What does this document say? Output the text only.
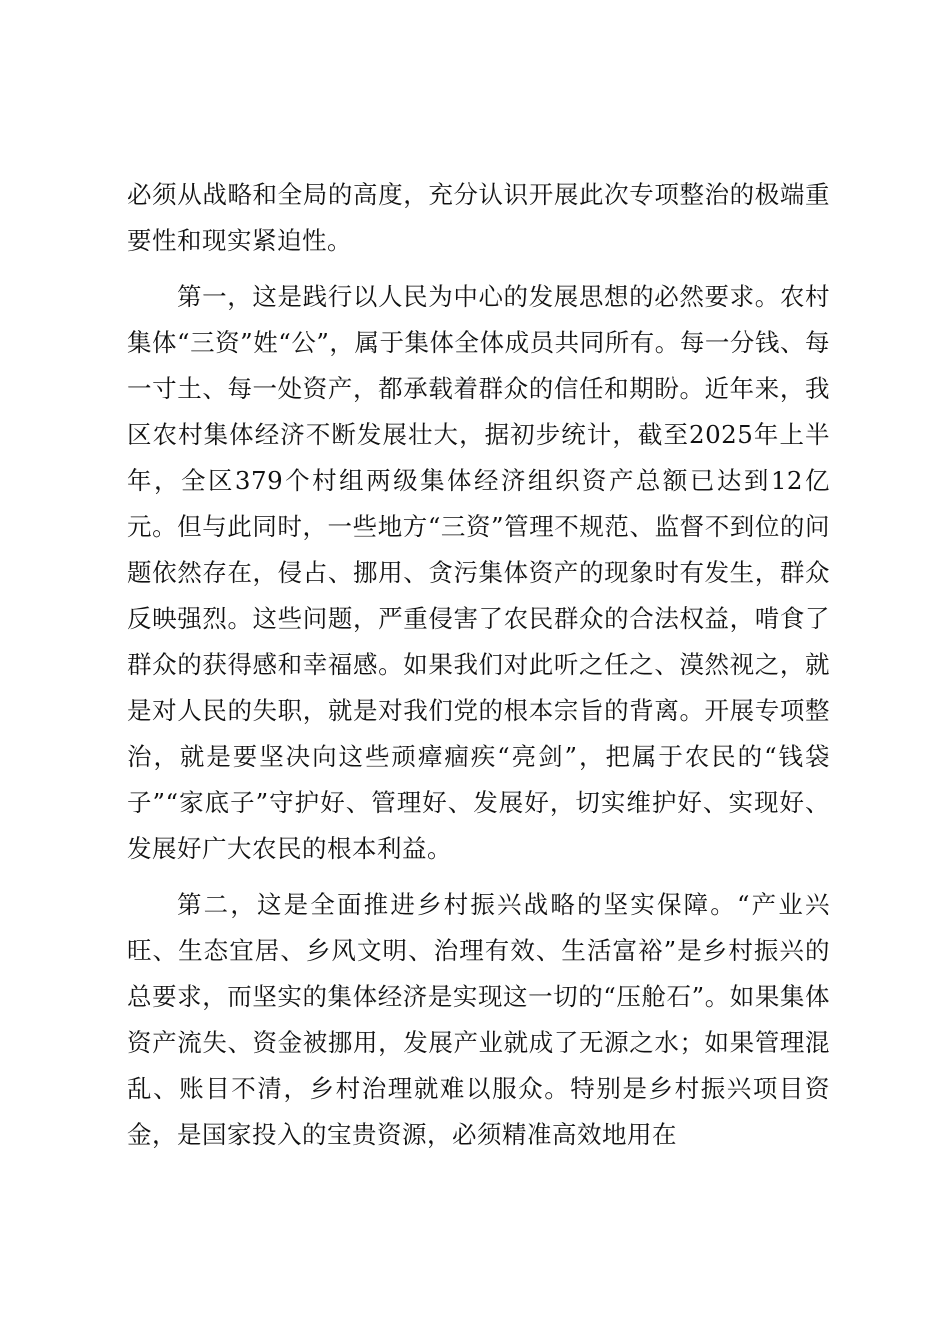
必须从战略和全局的高度，充分认识开展此次专项整治的极端重要性和现实紧迫性。

第一，这是践行以人民为中心的发展思想的必然要求。农村集体“三资”姓“公”，属于集体全体成员共同所有。每一分钱、每一寸土、每一处资产，都承载着群众的信任和期盼。近年来，我区农村集体经济不断发展壮大，据初步统计，截至2025年上半年，全区379个村组两级集体经济组织资产总额已达到12亿元。但与此同时，一些地方“三资”管理不规范、监督不到位的问题依然存在，侵占、挪用、贪污集体资产的现象时有发生，群众反映强烈。这些问题，严重侵害了农民群众的合法权益，啃食了群众的获得感和幸福感。如果我们对此听之任之、漠然视之，就是对人民的失职，就是对我们党的根本宗旨的背离。开展专项整治，就是要坚决向这些顽瘴痼疾“亮剑”，把属于农民的“钱袋子”“家底子”守护好、管理好、发展好，切实维护好、实现好、发展好广大农民的根本利益。

第二，这是全面推进乡村振兴战略的坚实保障。“产业兴旺、生态宜居、乡风文明、治理有效、生活富裕”是乡村振兴的总要求，而坚实的集体经济是实现这一切的“压舱石”。如果集体资产流失、资金被挪用，发展产业就成了无源之水；如果管理混乱、账目不清，乡村治理就难以服众。特别是乡村振兴项目资金，是国家投入的宝贵资源，必须精准高效地用在
